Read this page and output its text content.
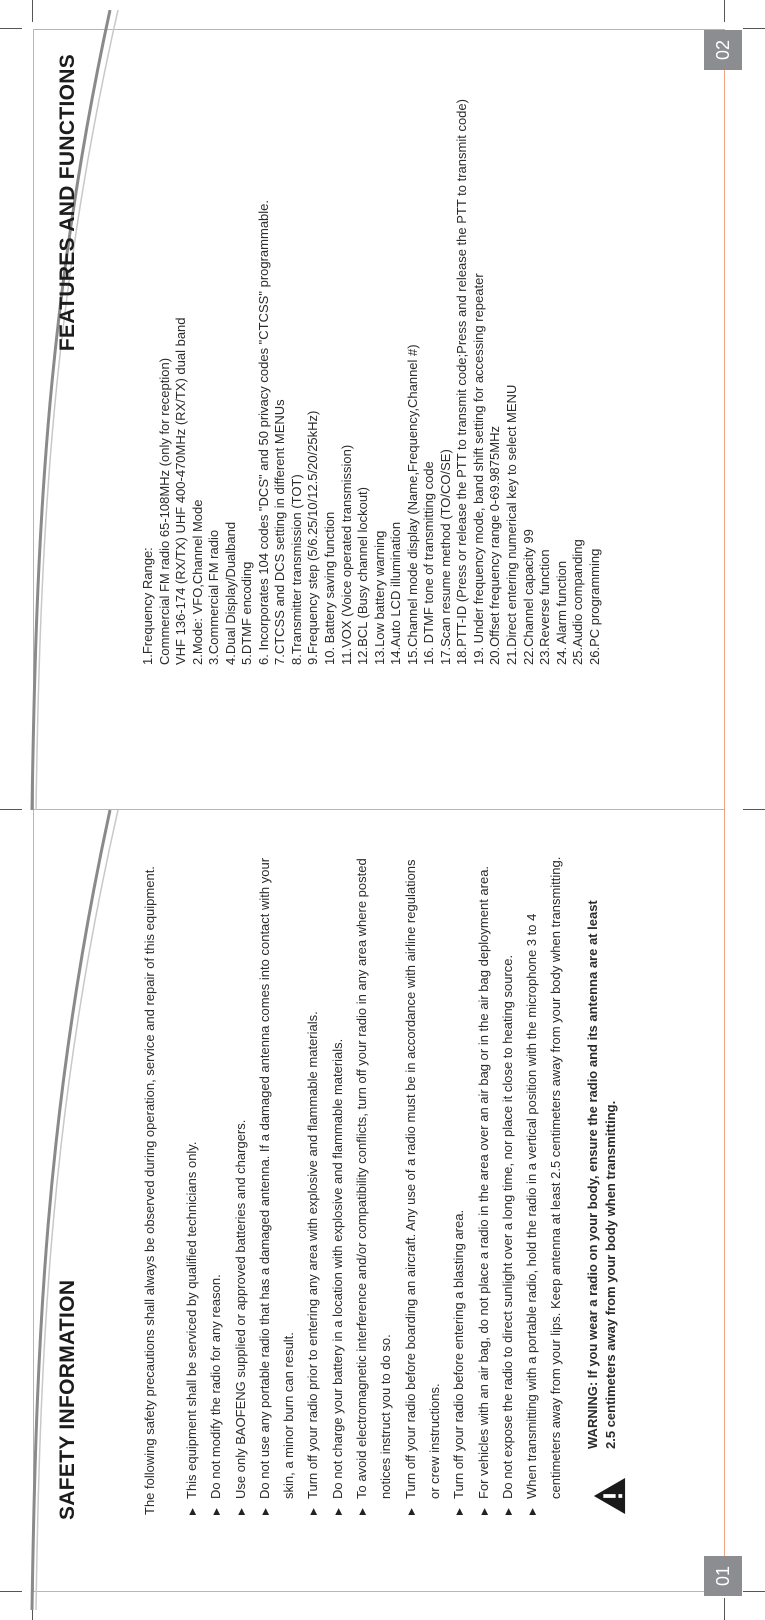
SAFETY INFORMATION	The following safety precautions shall always be observed during operation, service and repair of this equipment.	▶
This equipment shall be serviced by qualified technicians only.
▶
Do not modify the radio for any reason.
▶
Use only BAOFENG supplied or approved batteries and chargers.
▶
Do not use any portable radio that has a damaged antenna. If a damaged antenna comes into contact with your skin, a minor burn can result.
▶
Turn off your radio prior to entering any area with explosive and flammable materials.
▶
Do not charge your battery in a location with explosive and flammable materials.
▶
To avoid electromagnetic interference and/or compatibility conflicts, turn off your radio in any area where posted notices instruct you to do so.
▶
Turn off your radio before boarding an aircraft. Any use of a radio must be in accordance with airline regulations or crew instructions.
▶
Turn off your radio before entering a blasting area.
▶
For vehicles with an air bag, do not place a radio in the area over an air bag or in the air bag deployment area.
▶
Do not expose the radio to direct sunlight over a long time, nor place it close to heating source.
▶
When transmitting with a portable radio, hold the radio in a vertical position with the microphone 3 to 4 centimeters away from your lips. Keep antenna at least 2.5 centimeters away from your body when transmitting.	WARNING: If you wear a radio on your body, ensure the radio and its antenna are at least 2.5 centimeters away from your body when transmitting.

01
FEATURES AND FUNCTIONS
1.Frequency Range: Commercial FM radio 65-108MHz (only for reception) VHF 136-174 (RX/TX) UHF 400-470MHz (RX/TX) dual band 2.Mode: VFO,Channel Mode 3.Commercial FM radio 4.Dual Display/Dualband 5.DTMF encoding 6. Incorporates 104 codes "DCS" and 50 privacy codes "CTCSS" programmable. 7.CTCSS and DCS setting in different MENUs 8.Transmitter transmission (TOT) 9.Frequency step (5/6.25/10/12.5/20/25kHz) 10. Battery saving function 11.VOX (Voice operated transmission) 12.BCL (Busy channel lockout) 13.Low battery warning 14.Auto LCD illumination 15.Channel mode display (Name,Frequency,Channel #) 16. DTMF tone of transmitting code 17.Scan resume method (TO/CO/SE) 18.PTT-ID (Press or release the PTT to transmit code;Press and release the PTT to transmit code) 19. Under frequency mode, band shift setting for accessing repeater 20.Offset frequency range 0-69.9875MHz 21.Direct entering numerical key to select MENU 22.Channel capacity 99 23.Reverse function 24. Alarm function 25.Audio companding 26.PC programming
02
